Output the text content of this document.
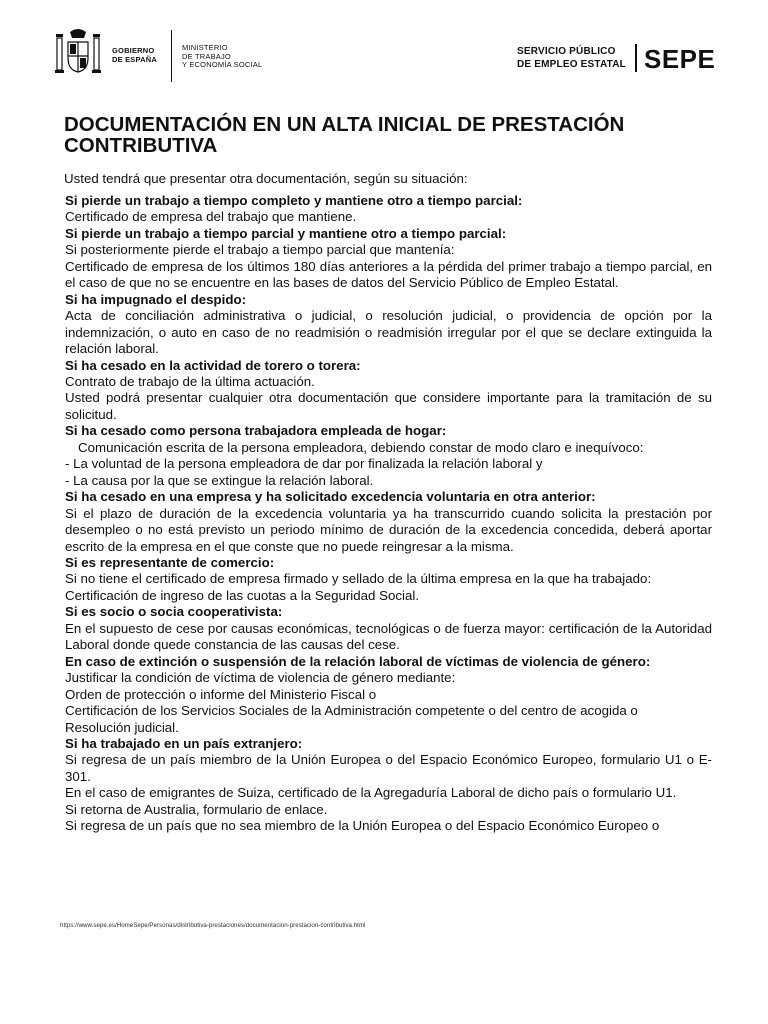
GOBIERNO
DE ESPAÑA
MINISTERIO
DE TRABAJO
Y ECONOMÍA SOCIAL
SERVICIO PÚBLICO
DE EMPLEO ESTATAL SEPE
DOCUMENTACIÓN EN UN ALTA INICIAL DE PRESTACIÓN CONTRIBUTIVA
Usted tendrá que presentar otra documentación, según su situación:
Si pierde un trabajo a tiempo completo y mantiene otro a tiempo parcial:
Certificado de empresa del trabajo que mantiene.
Si pierde un trabajo a tiempo parcial y mantiene otro a tiempo parcial:
Si posteriormente pierde el trabajo a tiempo parcial que mantenía:
Certificado de empresa de los últimos 180 días anteriores a la pérdida del primer trabajo a tiempo parcial, en el caso de que no se encuentre en las bases de datos del Servicio Público de Empleo Estatal.
Si ha impugnado el despido:
Acta de conciliación administrativa o judicial, o resolución judicial, o providencia de opción por la indemnización, o auto en caso de no readmisión o readmisión irregular por el que se declare extinguida la relación laboral.
Si ha cesado en la actividad de torero o torera:
Contrato de trabajo de la última actuación.
Usted podrá presentar cualquier otra documentación que considere importante para la tramitación de su solicitud.
Si ha cesado como persona trabajadora empleada de hogar:
Comunicación escrita de la persona empleadora, debiendo constar de modo claro e inequívoco:
- La voluntad de la persona empleadora de dar por finalizada la relación laboral y
- La causa por la que se extingue la relación laboral.
Si ha cesado en una empresa y ha solicitado excedencia voluntaria en otra anterior:
Si el plazo de duración de la excedencia voluntaria ya ha transcurrido cuando solicita la prestación por desempleo o no está previsto un periodo mínimo de duración de la excedencia concedida, deberá aportar escrito de la empresa en el que conste que no puede reingresar a la misma.
Si es representante de comercio:
Si no tiene el certificado de empresa firmado y sellado de la última empresa en la que ha trabajado:
Certificación de ingreso de las cuotas a la Seguridad Social.
Si es socio o socia cooperativista:
En el supuesto de cese por causas económicas, tecnológicas o de fuerza mayor: certificación de la Autoridad Laboral donde quede constancia de las causas del cese.
En caso de extinción o suspensión de la relación laboral de víctimas de violencia de género:
Justificar la condición de víctima de violencia de género mediante:
Orden de protección o informe del Ministerio Fiscal o
Certificación de los Servicios Sociales de la Administración competente o del centro de acogida o
Resolución judicial.
Si ha trabajado en un país extranjero:
Si regresa de un país miembro de la Unión Europea o del Espacio Económico Europeo, formulario U1 o E-301.
En el caso de emigrantes de Suiza, certificado de la Agregaduría Laboral de dicho país o formulario U1.
Si retorna de Australia, formulario de enlace.
Si regresa de un país que no sea miembro de la Unión Europea o del Espacio Económico Europeo o
https://www.sepe.es/HomeSepe/Personas/distributiva-prestaciones/documentacion-prestacion-contributiva.html
